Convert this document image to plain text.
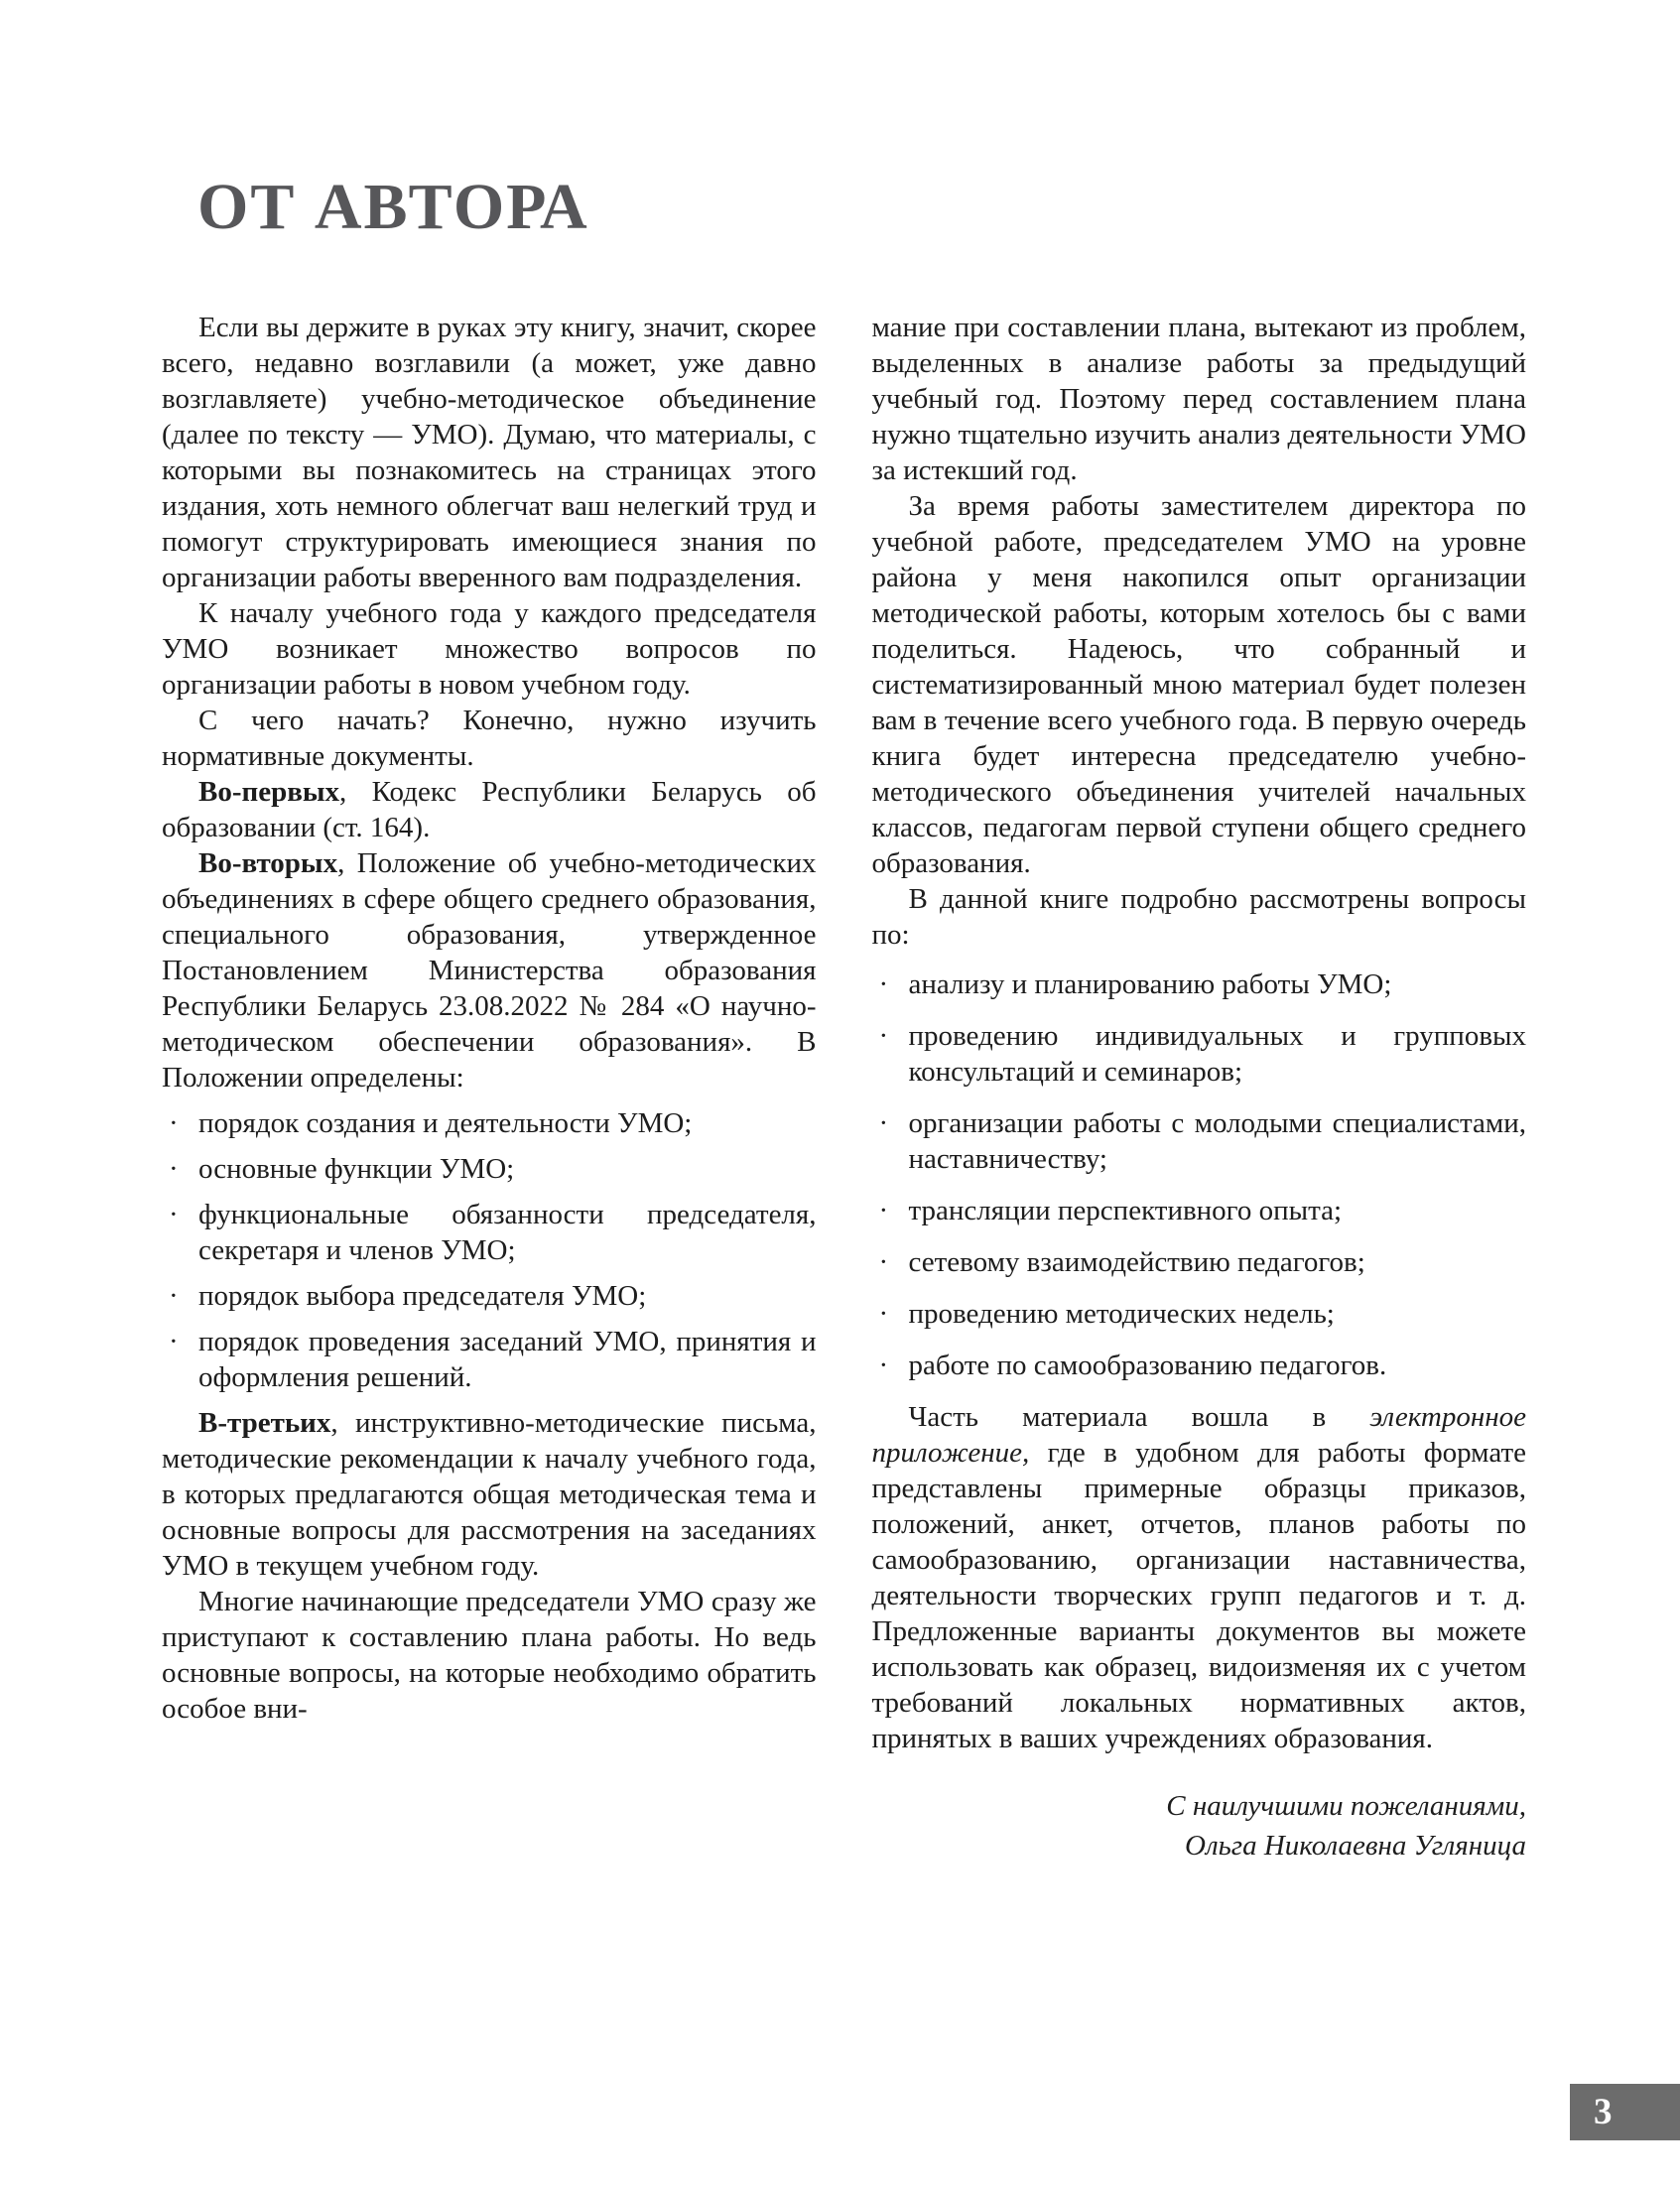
ОТ АВТОРА

Если вы держите в руках эту книгу, значит, скорее всего, недавно возглавили (а может, уже давно возглавляете) учебно-методическое объединение (далее по тексту — УМО). Думаю, что материалы, с которыми вы познакомитесь на страницах этого издания, хоть немного облегчат ваш нелегкий труд и помогут структурировать имеющиеся знания по организации работы вверенного вам подразделения.

К началу учебного года у каждого председателя УМО возникает множество вопросов по организации работы в новом учебном году.

С чего начать? Конечно, нужно изучить нормативные документы.

Во-первых, Кодекс Республики Беларусь об образовании (ст. 164).

Во-вторых, Положение об учебно-методических объединениях в сфере общего среднего образования, специального образования, утвержденное Постановлением Министерства образования Республики Беларусь 23.08.2022 № 284 «О научно-методическом обеспечении образования». В Положении определены:

· порядок создания и деятельности УМО;
· основные функции УМО;
· функциональные обязанности председателя, секретаря и членов УМО;
· порядок выбора председателя УМО;
· порядок проведения заседаний УМО, принятия и оформления решений.

В-третьих, инструктивно-методические письма, методические рекомендации к началу учебного года, в которых предлагаются общая методическая тема и основные вопросы для рассмотрения на заседаниях УМО в текущем учебном году.

Многие начинающие председатели УМО сразу же приступают к составлению плана работы. Но ведь основные вопросы, на которые необходимо обратить особое вни-

мание при составлении плана, вытекают из проблем, выделенных в анализе работы за предыдущий учебный год. Поэтому перед составлением плана нужно тщательно изучить анализ деятельности УМО за истекший год.

За время работы заместителем директора по учебной работе, председателем УМО на уровне района у меня накопился опыт организации методической работы, которым хотелось бы с вами поделиться. Надеюсь, что собранный и систематизированный мною материал будет полезен вам в течение всего учебного года. В первую очередь книга будет интересна председателю учебно-методического объединения учителей начальных классов, педагогам первой ступени общего среднего образования.

В данной книге подробно рассмотрены вопросы по:

· анализу и планированию работы УМО;
· проведению индивидуальных и групповых консультаций и семинаров;
· организации работы с молодыми специалистами, наставничеству;
· трансляции перспективного опыта;
· сетевому взаимодействию педагогов;
· проведению методических недель;
· работе по самообразованию педагогов.

Часть материала вошла в электронное приложение, где в удобном для работы формате представлены примерные образцы приказов, положений, анкет, отчетов, планов работы по самообразованию, организации наставничества, деятельности творческих групп педагогов и т. д. Предложенные варианты документов вы можете использовать как образец, видоизменяя их с учетом требований локальных нормативных актов, принятых в ваших учреждениях образования.

С наилучшими пожеланиями,
Ольга Николаевна Угляница
3
